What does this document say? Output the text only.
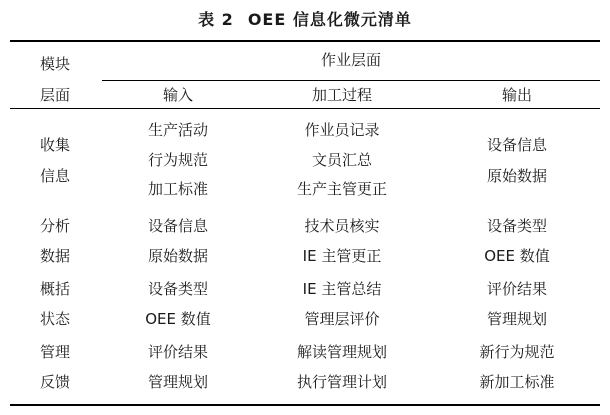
表 2 OEE 信息化微元清单
模块
层面
作业层面
输入	加工过程	输出
收集
信息
生产活动
行为规范
加工标准
作业员记录
文员汇总
生产主管更正
设备信息
原始数据
分析
数据
设备信息
原始数据
技术员核实
IE 主管更正
设备类型
OEE 数值
概括
状态
设备类型
OEE 数值
IE 主管总结
管理层评价
评价结果
管理规划
管理
反馈
评价结果
管理规划
解读管理规划
执行管理计划
新行为规范
新加工标准
